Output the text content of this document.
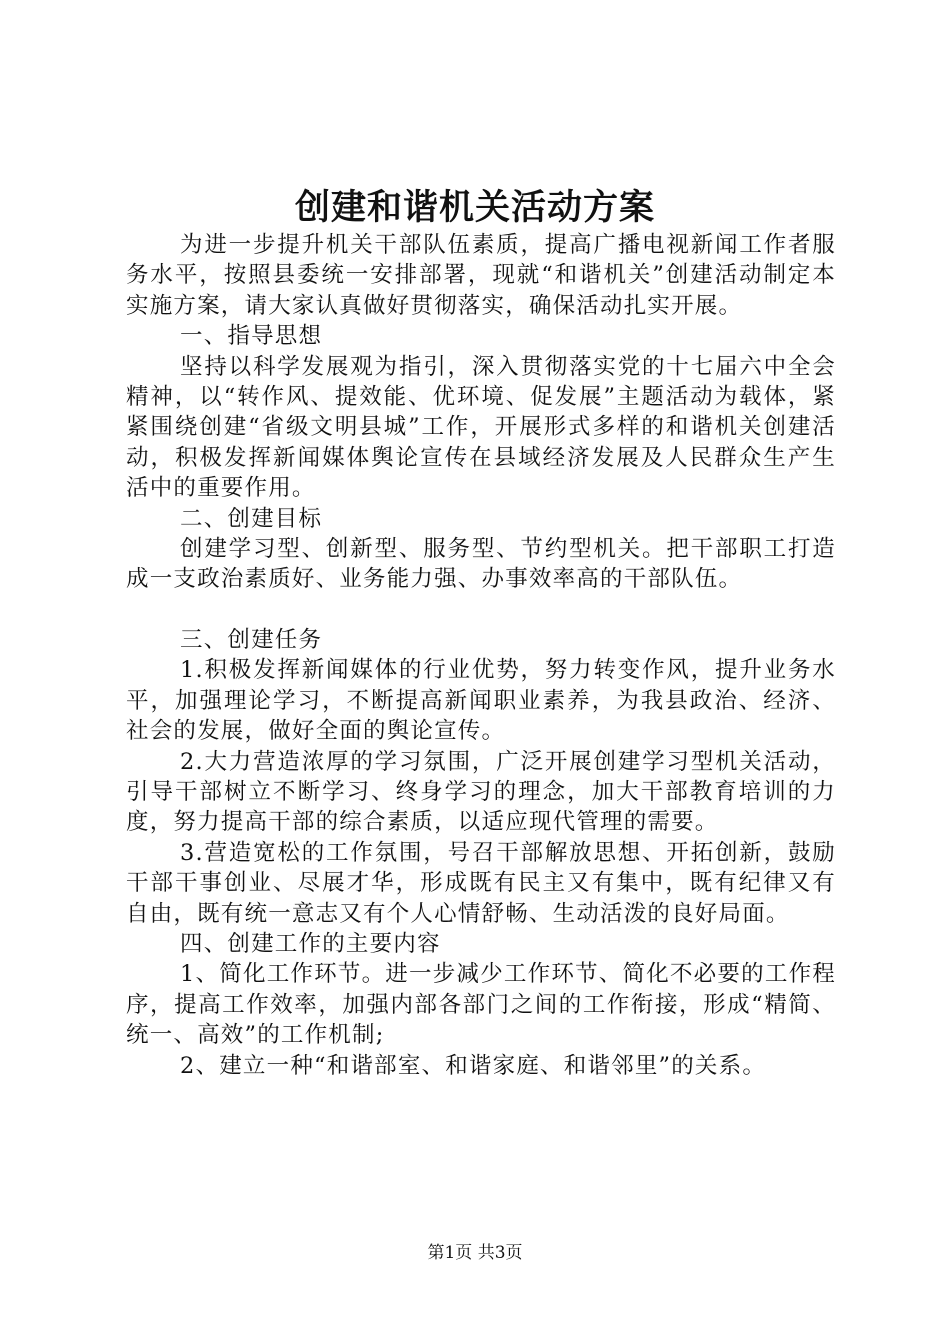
创建和谐机关活动方案

为进一步提升机关干部队伍素质，提高广播电视新闻工作者服务水平，按照县委统一安排部署，现就“和谐机关”创建活动制定本实施方案，请大家认真做好贯彻落实，确保活动扎实开展。

一、指导思想

坚持以科学发展观为指引，深入贯彻落实党的十七届六中全会精神，以“转作风、提效能、优环境、促发展”主题活动为载体，紧紧围绕创建“省级文明县城”工作，开展形式多样的和谐机关创建活动，积极发挥新闻媒体舆论宣传在县域经济发展及人民群众生产生活中的重要作用。

二、创建目标

创建学习型、创新型、服务型、节约型机关。把干部职工打造成一支政治素质好、业务能力强、办事效率高的干部队伍。

三、创建任务

1.积极发挥新闻媒体的行业优势，努力转变作风，提升业务水平，加强理论学习，不断提高新闻职业素养，为我县政治、经济、社会的发展，做好全面的舆论宣传。

2.大力营造浓厚的学习氛围，广泛开展创建学习型机关活动，引导干部树立不断学习、终身学习的理念，加大干部教育培训的力度，努力提高干部的综合素质，以适应现代管理的需要。

3.营造宽松的工作氛围，号召干部解放思想、开拓创新，鼓励干部干事创业、尽展才华，形成既有民主又有集中，既有纪律又有自由，既有统一意志又有个人心情舒畅、生动活泼的良好局面。

四、创建工作的主要内容

1、简化工作环节。进一步减少工作环节、简化不必要的工作程序，提高工作效率，加强内部各部门之间的工作衔接，形成“精简、统一、高效”的工作机制;

2、建立一种“和谐部室、和谐家庭、和谐邻里”的关系。

第1页 共3页
